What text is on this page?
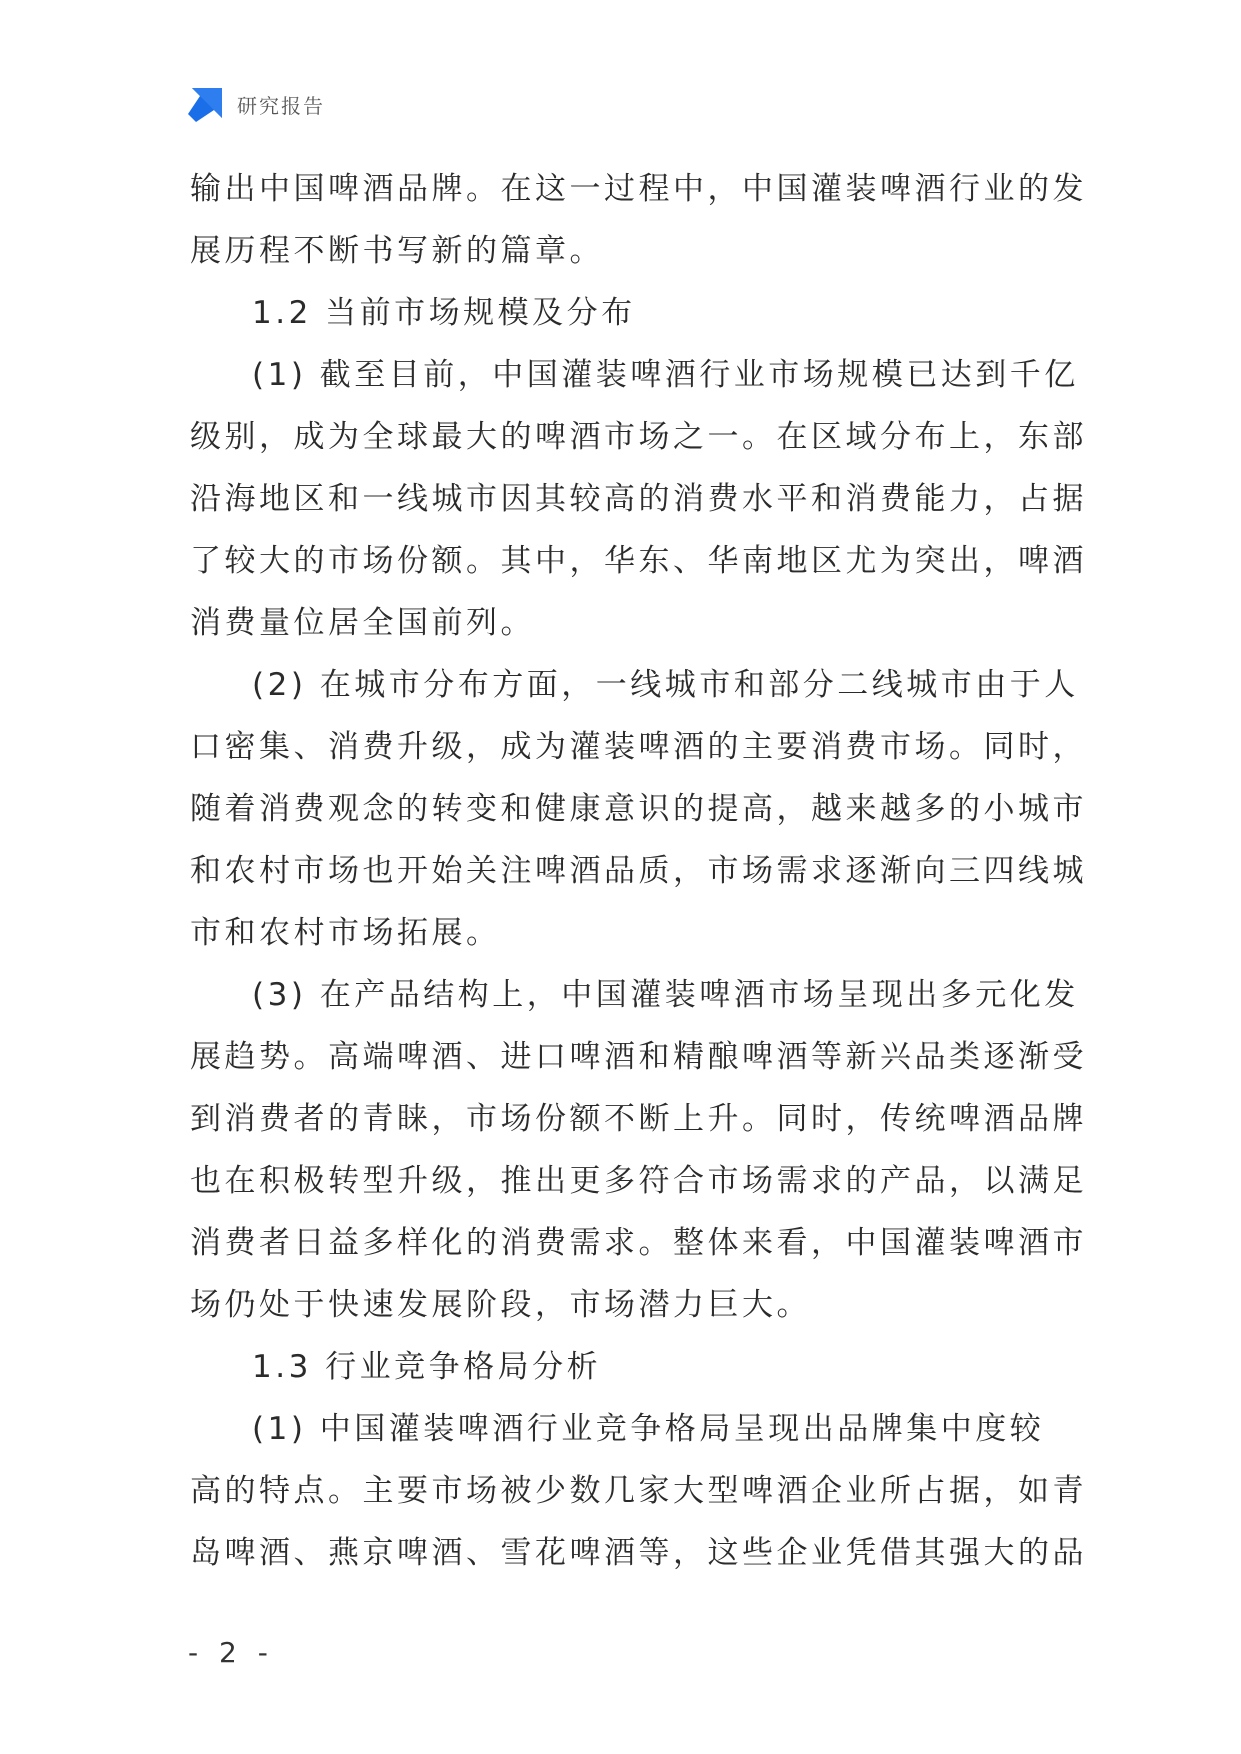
研究报告
输出中国啤酒品牌。在这一过程中，中国灌装啤酒行业的发
展历程不断书写新的篇章。
1.2 当前市场规模及分布
(1) 截至目前，中国灌装啤酒行业市场规模已达到千亿
级别，成为全球最大的啤酒市场之一。在区域分布上，东部
沿海地区和一线城市因其较高的消费水平和消费能力，占据
了较大的市场份额。其中，华东、华南地区尤为突出，啤酒
消费量位居全国前列。
(2) 在城市分布方面，一线城市和部分二线城市由于人
口密集、消费升级，成为灌装啤酒的主要消费市场。同时，
随着消费观念的转变和健康意识的提高，越来越多的小城市
和农村市场也开始关注啤酒品质，市场需求逐渐向三四线城
市和农村市场拓展。
(3) 在产品结构上，中国灌装啤酒市场呈现出多元化发
展趋势。高端啤酒、进口啤酒和精酿啤酒等新兴品类逐渐受
到消费者的青睐，市场份额不断上升。同时，传统啤酒品牌
也在积极转型升级，推出更多符合市场需求的产品，以满足
消费者日益多样化的消费需求。整体来看，中国灌装啤酒市
场仍处于快速发展阶段，市场潜力巨大。
1.3 行业竞争格局分析
(1) 中国灌装啤酒行业竞争格局呈现出品牌集中度较
高的特点。主要市场被少数几家大型啤酒企业所占据，如青
岛啤酒、燕京啤酒、雪花啤酒等，这些企业凭借其强大的品
- 2 -
